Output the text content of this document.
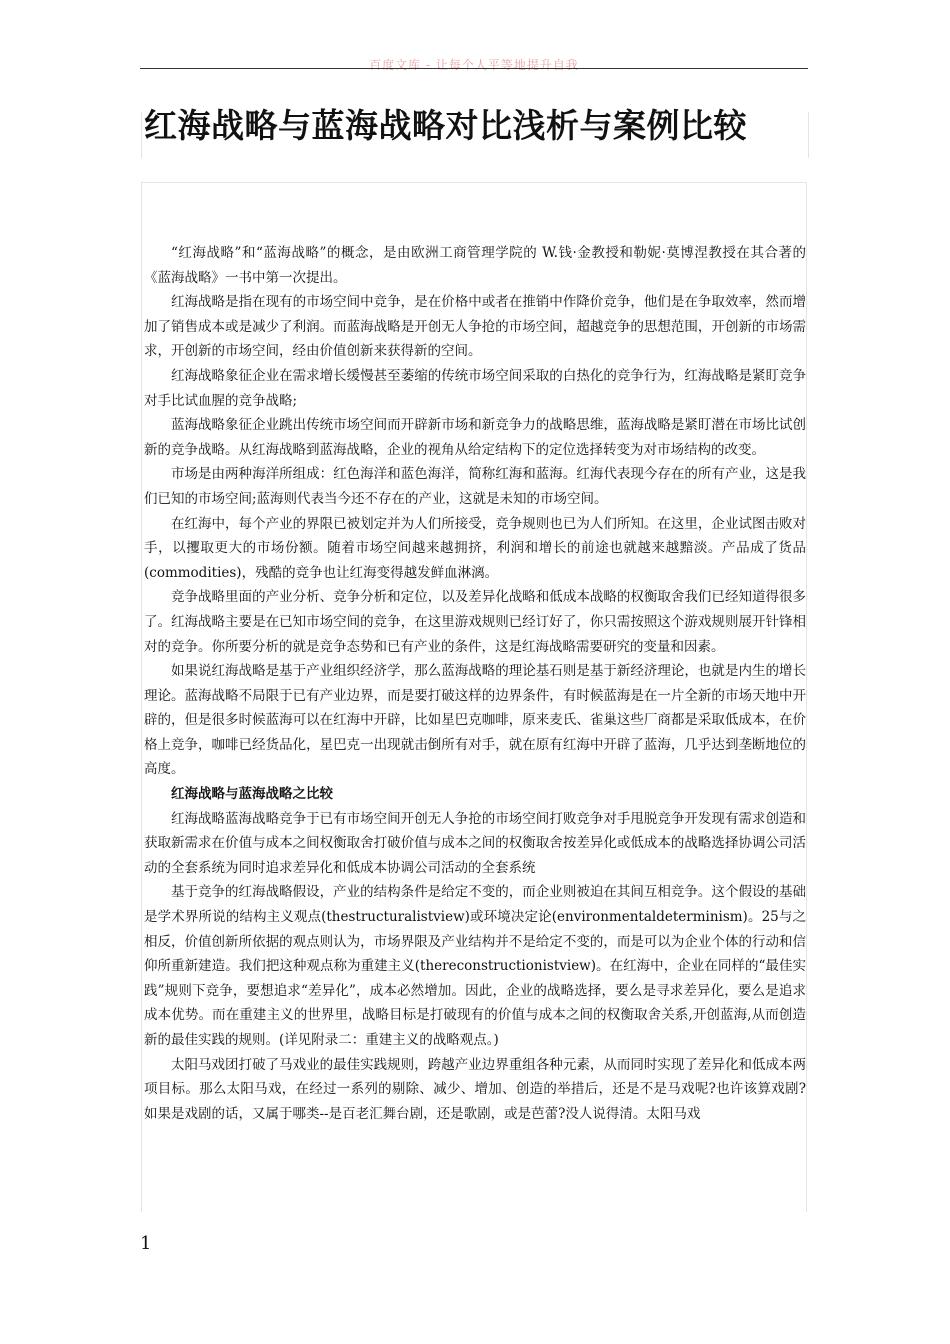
百度文库 - 让每个人平等地提升自我
红海战略与蓝海战略对比浅析与案例比较

“红海战略”和“蓝海战略”的概念，是由欧洲工商管理学院的 W.钱·金教授和勒妮·莫博涅教授在其合著的《蓝海战略》一书中第一次提出。

红海战略是指在现有的市场空间中竞争，是在价格中或者在推销中作降价竞争，他们是在争取效率，然而增加了销售成本或是减少了利润。而蓝海战略是开创无人争抢的市场空间，超越竞争的思想范围，开创新的市场需求，开创新的市场空间，经由价值创新来获得新的空间。

红海战略象征企业在需求增长缓慢甚至萎缩的传统市场空间采取的白热化的竞争行为，红海战略是紧盯竞争对手比试血腥的竞争战略;

蓝海战略象征企业跳出传统市场空间而开辟新市场和新竞争力的战略思维，蓝海战略是紧盯潜在市场比试创新的竞争战略。从红海战略到蓝海战略，企业的视角从给定结构下的定位选择转变为对市场结构的改变。

市场是由两种海洋所组成：红色海洋和蓝色海洋，简称红海和蓝海。红海代表现今存在的所有产业，这是我们已知的市场空间;蓝海则代表当今还不存在的产业，这就是未知的市场空间。

在红海中，每个产业的界限已被划定并为人们所接受，竞争规则也已为人们所知。在这里，企业试图击败对手，以攫取更大的市场份额。随着市场空间越来越拥挤，利润和增长的前途也就越来越黯淡。产品成了货品(commodities)，残酷的竞争也让红海变得越发鲜血淋漓。

竞争战略里面的产业分析、竞争分析和定位，以及差异化战略和低成本战略的权衡取舍我们已经知道得很多了。红海战略主要是在已知市场空间的竞争，在这里游戏规则已经订好了，你只需按照这个游戏规则展开针锋相对的竞争。你所要分析的就是竞争态势和已有产业的条件，这是红海战略需要研究的变量和因素。

如果说红海战略是基于产业组织经济学，那么蓝海战略的理论基石则是基于新经济理论，也就是内生的增长理论。蓝海战略不局限于已有产业边界，而是要打破这样的边界条件，有时候蓝海是在一片全新的市场天地中开辟的，但是很多时候蓝海可以在红海中开辟，比如星巴克咖啡，原来麦氏、雀巢这些厂商都是采取低成本，在价格上竞争，咖啡已经货品化，星巴克一出现就击倒所有对手，就在原有红海中开辟了蓝海，几乎达到垄断地位的高度。

红海战略与蓝海战略之比较

红海战略蓝海战略竞争于已有市场空间开创无人争抢的市场空间打败竞争对手甩脱竞争开发现有需求创造和获取新需求在价值与成本之间权衡取舍打破价值与成本之间的权衡取舍按差异化或低成本的战略选择协调公司活动的全套系统为同时追求差异化和低成本协调公司活动的全套系统

基于竞争的红海战略假设，产业的结构条件是给定不变的，而企业则被迫在其间互相竞争。这个假设的基础是学术界所说的结构主义观点(thestructuralistview)或环境决定论(environmentaldeterminism)。25与之相反，价值创新所依据的观点则认为，市场界限及产业结构并不是给定不变的，而是可以为企业个体的行动和信仰所重新建造。我们把这种观点称为重建主义(thereconstructionistview)。在红海中，企业在同样的“最佳实践”规则下竞争，要想追求“差异化”，成本必然增加。因此，企业的战略选择，要么是寻求差异化，要么是追求成本优势。而在重建主义的世界里，战略目标是打破现有的价值与成本之间的权衡取舍关系,开创蓝海,从而创造新的最佳实践的规则。(详见附录二：重建主义的战略观点。)

太阳马戏团打破了马戏业的最佳实践规则，跨越产业边界重组各种元素，从而同时实现了差异化和低成本两项目标。那么太阳马戏，在经过一系列的剔除、减少、增加、创造的举措后，还是不是马戏呢?也许该算戏剧?如果是戏剧的话，又属于哪类--是百老汇舞台剧，还是歌剧，或是芭蕾?没人说得清。太阳马戏

1
